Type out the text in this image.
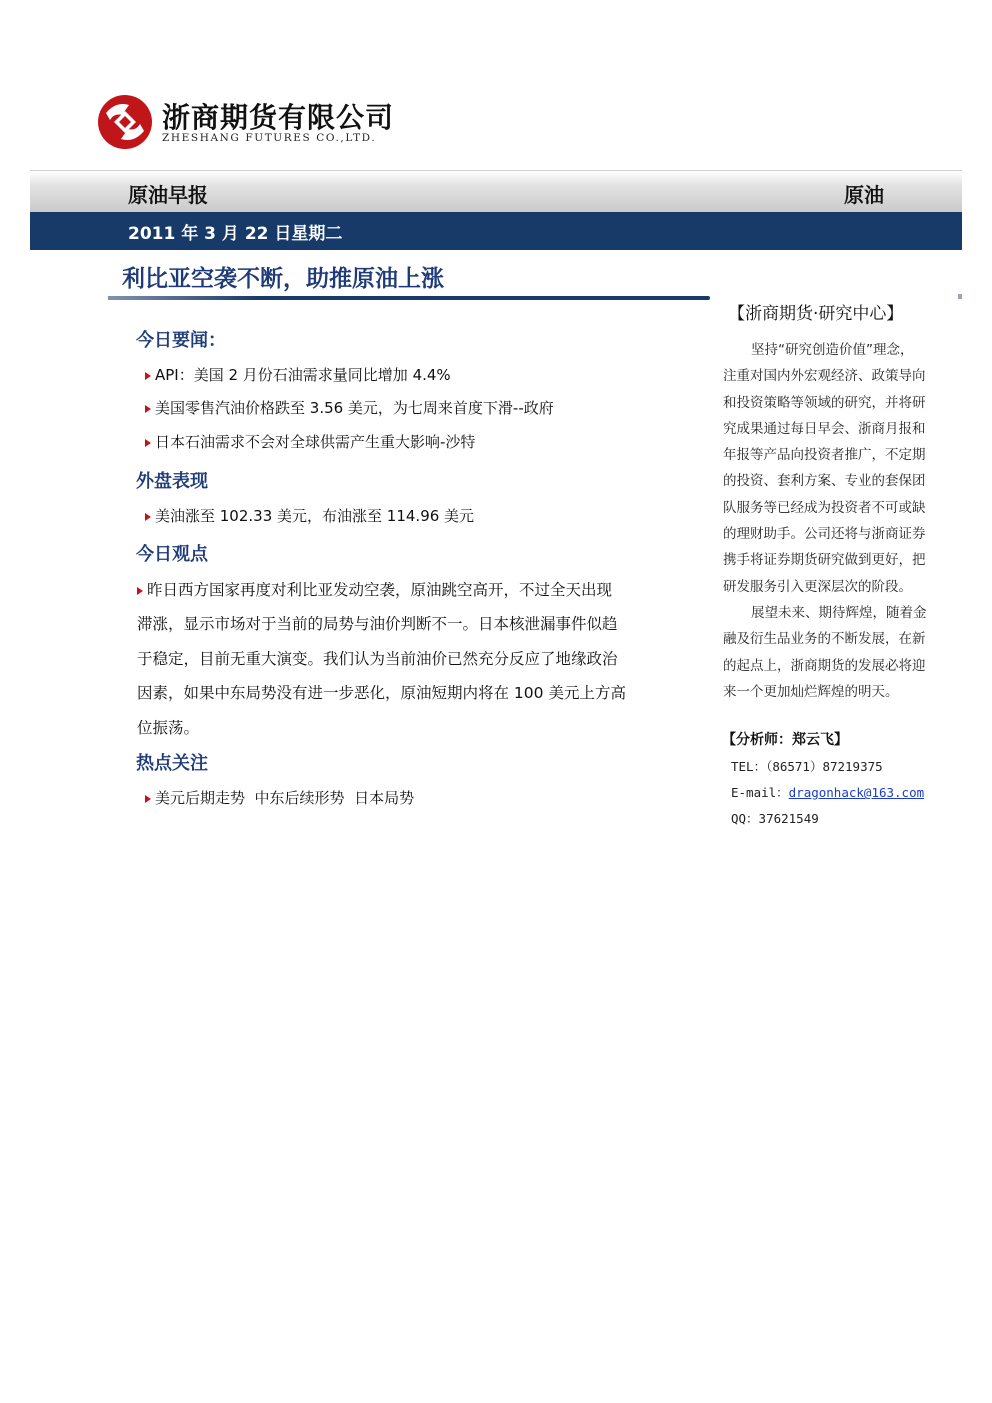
浙商期货有限公司
ZHESHANG FUTURES CO.,LTD.
原油早报	原油
2011 年 3 月 22 日星期二
利比亚空袭不断，助推原油上涨
今日要闻：
API：美国 2 月份石油需求量同比增加 4.4%
美国零售汽油价格跌至 3.56 美元，为七周来首度下滑--政府
日本石油需求不会对全球供需产生重大影响-沙特
外盘表现
美油涨至 102.33 美元，布油涨至 114.96 美元
今日观点
昨日西方国家再度对利比亚发动空袭，原油跳空高开，不过全天出现
滞涨，显示市场对于当前的局势与油价判断不一。日本核泄漏事件似趋
于稳定，目前无重大演变。我们认为当前油价已然充分反应了地缘政治
因素，如果中东局势没有进一步恶化，原油短期内将在 100 美元上方高
位振荡。
热点关注
美元后期走势  中东后续形势  日本局势
【浙商期货·研究中心】
坚持“研究创造价值”理念，
注重对国内外宏观经济、政策导向
和投资策略等领域的研究，并将研
究成果通过每日早会、浙商月报和
年报等产品向投资者推广，不定期
的投资、套利方案、专业的套保团
队服务等已经成为投资者不可或缺
的理财助手。公司还将与浙商证券
携手将证券期货研究做到更好，把
研发服务引入更深层次的阶段。
展望未来、期待辉煌，随着金
融及衍生品业务的不断发展，在新
的起点上，浙商期货的发展必将迎
来一个更加灿烂辉煌的明天。
【分析师：郑云飞】
TEL：（86571）87219375
E-mail：dragonhack@163.com
QQ：37621549
